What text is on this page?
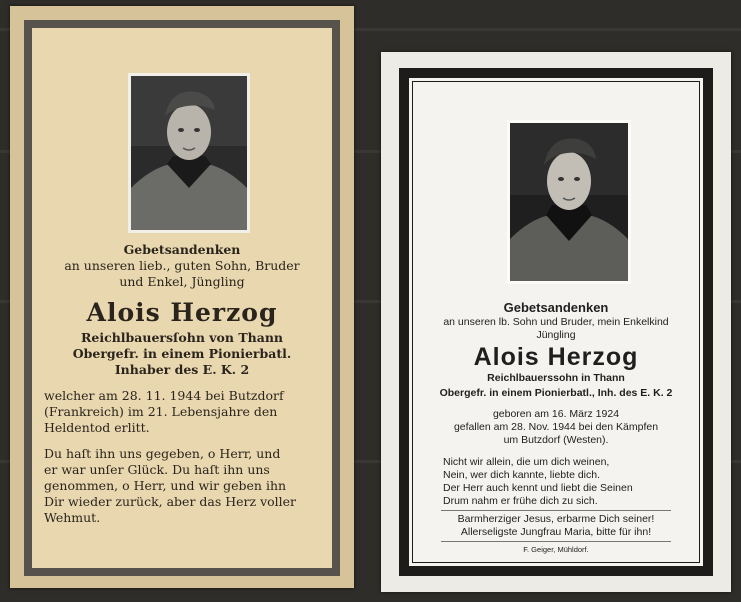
Gebetsandenken
an unseren lieb., guten Sohn, Bruder
und Enkel, Jüngling
Alois Herzog
Reichlbauersſohn von Thann
Obergefr. in einem Pionierbatl.
Inhaber des E. K. 2
welcher am 28. 11. 1944 bei Butzdorf
(Frankreich) im 21. Lebensjahre den
Heldentod erlitt.
Du haſt ihn uns gegeben, o Herr, und
er war unſer Glück. Du haſt ihn uns
genommen, o Herr, und wir geben ihn
Dir wieder zurück, aber das Herz voller
Wehmut.
Gebetsandenken
an unseren lb. Sohn und Bruder, mein Enkelkind
Jüngling
Alois Herzog
Reichlbauerssohn in Thann
Obergefr. in einem Pionierbatl., Inh. des E. K. 2
geboren am 16. März 1924
gefallen am 28. Nov. 1944 bei den Kämpfen
um Butzdorf (Westen).
Nicht wir allein, die um dich weinen,
Nein, wer dich kannte, liebte dich.
Der Herr auch kennt und liebt die Seinen
Drum nahm er frühe dich zu sich.
Barmherziger Jesus, erbarme Dich seiner!
Allerseligste Jungfrau Maria, bitte für ihn!
F. Geiger, Mühldorf.
